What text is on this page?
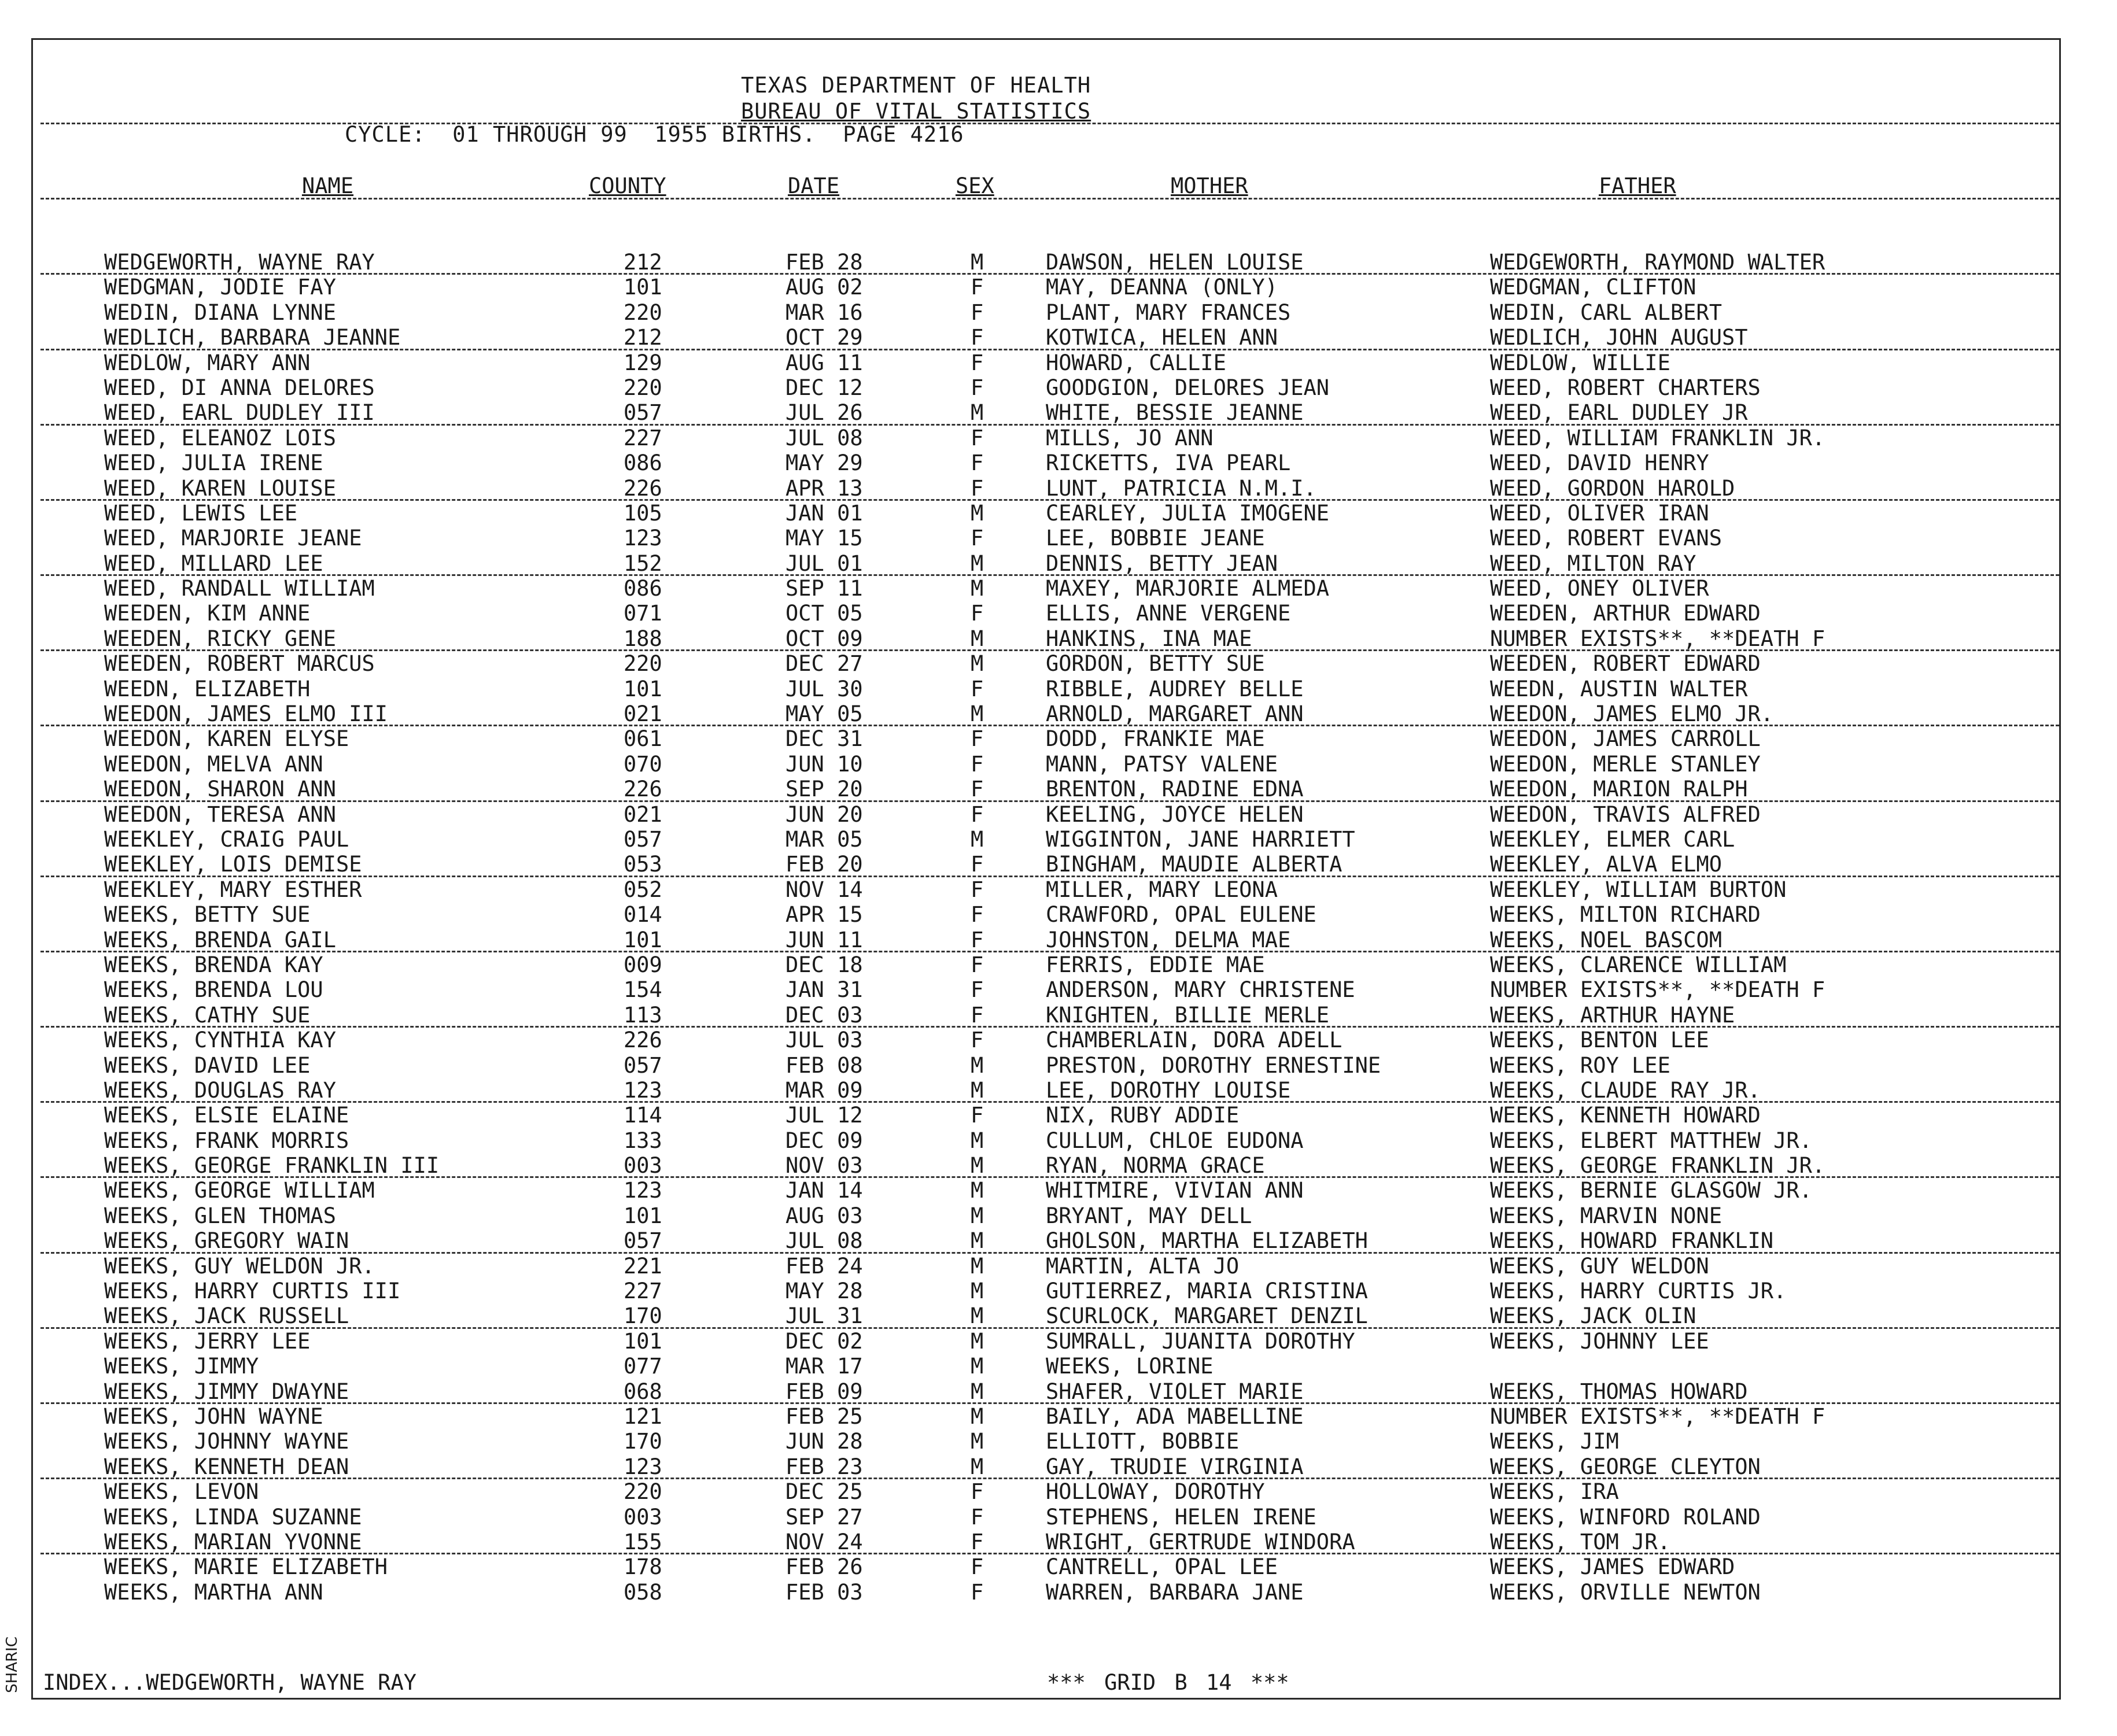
TEXAS DEPARTMENT OF HEALTH
BUREAU OF VITAL STATISTICS
CYCLE:  01 THROUGH 99  1955 BIRTHS.  PAGE 4216
NAME	COUNTY	DATE	SEX	MOTHER	FATHER
WEDGEWORTH, WAYNE RAY	212	FEB 28	M	DAWSON, HELEN LOUISE	WEDGEWORTH, RAYMOND WALTER
WEDGMAN, JODIE FAY	101	AUG 02	F	MAY, DEANNA (ONLY)	WEDGMAN, CLIFTON
WEDIN, DIANA LYNNE	220	MAR 16	F	PLANT, MARY FRANCES	WEDIN, CARL ALBERT
WEDLICH, BARBARA JEANNE	212	OCT 29	F	KOTWICA, HELEN ANN	WEDLICH, JOHN AUGUST
WEDLOW, MARY ANN	129	AUG 11	F	HOWARD, CALLIE	WEDLOW, WILLIE
WEED, DI ANNA DELORES	220	DEC 12	F	GOODGION, DELORES JEAN	WEED, ROBERT CHARTERS
WEED, EARL DUDLEY III	057	JUL 26	M	WHITE, BESSIE JEANNE	WEED, EARL DUDLEY JR
WEED, ELEANOZ LOIS	227	JUL 08	F	MILLS, JO ANN	WEED, WILLIAM FRANKLIN JR.
WEED, JULIA IRENE	086	MAY 29	F	RICKETTS, IVA PEARL	WEED, DAVID HENRY
WEED, KAREN LOUISE	226	APR 13	F	LUNT, PATRICIA N.M.I.	WEED, GORDON HAROLD
WEED, LEWIS LEE	105	JAN 01	M	CEARLEY, JULIA IMOGENE	WEED, OLIVER IRAN
WEED, MARJORIE JEANE	123	MAY 15	F	LEE, BOBBIE JEANE	WEED, ROBERT EVANS
WEED, MILLARD LEE	152	JUL 01	M	DENNIS, BETTY JEAN	WEED, MILTON RAY
WEED, RANDALL WILLIAM	086	SEP 11	M	MAXEY, MARJORIE ALMEDA	WEED, ONEY OLIVER
WEEDEN, KIM ANNE	071	OCT 05	F	ELLIS, ANNE VERGENE	WEEDEN, ARTHUR EDWARD
WEEDEN, RICKY GENE	188	OCT 09	M	HANKINS, INA MAE	NUMBER EXISTS**, **DEATH F
WEEDEN, ROBERT MARCUS	220	DEC 27	M	GORDON, BETTY SUE	WEEDEN, ROBERT EDWARD
WEEDN, ELIZABETH	101	JUL 30	F	RIBBLE, AUDREY BELLE	WEEDN, AUSTIN WALTER
WEEDON, JAMES ELMO III	021	MAY 05	M	ARNOLD, MARGARET ANN	WEEDON, JAMES ELMO JR.
WEEDON, KAREN ELYSE	061	DEC 31	F	DODD, FRANKIE MAE	WEEDON, JAMES CARROLL
WEEDON, MELVA ANN	070	JUN 10	F	MANN, PATSY VALENE	WEEDON, MERLE STANLEY
WEEDON, SHARON ANN	226	SEP 20	F	BRENTON, RADINE EDNA	WEEDON, MARION RALPH
WEEDON, TERESA ANN	021	JUN 20	F	KEELING, JOYCE HELEN	WEEDON, TRAVIS ALFRED
WEEKLEY, CRAIG PAUL	057	MAR 05	M	WIGGINTON, JANE HARRIETT	WEEKLEY, ELMER CARL
WEEKLEY, LOIS DEMISE	053	FEB 20	F	BINGHAM, MAUDIE ALBERTA	WEEKLEY, ALVA ELMO
WEEKLEY, MARY ESTHER	052	NOV 14	F	MILLER, MARY LEONA	WEEKLEY, WILLIAM BURTON
WEEKS, BETTY SUE	014	APR 15	F	CRAWFORD, OPAL EULENE	WEEKS, MILTON RICHARD
WEEKS, BRENDA GAIL	101	JUN 11	F	JOHNSTON, DELMA MAE	WEEKS, NOEL BASCOM
WEEKS, BRENDA KAY	009	DEC 18	F	FERRIS, EDDIE MAE	WEEKS, CLARENCE WILLIAM
WEEKS, BRENDA LOU	154	JAN 31	F	ANDERSON, MARY CHRISTENE	NUMBER EXISTS**, **DEATH F
WEEKS, CATHY SUE	113	DEC 03	F	KNIGHTEN, BILLIE MERLE	WEEKS, ARTHUR HAYNE
WEEKS, CYNTHIA KAY	226	JUL 03	F	CHAMBERLAIN, DORA ADELL	WEEKS, BENTON LEE
WEEKS, DAVID LEE	057	FEB 08	M	PRESTON, DOROTHY ERNESTINE	WEEKS, ROY LEE
WEEKS, DOUGLAS RAY	123	MAR 09	M	LEE, DOROTHY LOUISE	WEEKS, CLAUDE RAY JR.
WEEKS, ELSIE ELAINE	114	JUL 12	F	NIX, RUBY ADDIE	WEEKS, KENNETH HOWARD
WEEKS, FRANK MORRIS	133	DEC 09	M	CULLUM, CHLOE EUDONA	WEEKS, ELBERT MATTHEW JR.
WEEKS, GEORGE FRANKLIN III	003	NOV 03	M	RYAN, NORMA GRACE	WEEKS, GEORGE FRANKLIN JR.
WEEKS, GEORGE WILLIAM	123	JAN 14	M	WHITMIRE, VIVIAN ANN	WEEKS, BERNIE GLASGOW JR.
WEEKS, GLEN THOMAS	101	AUG 03	M	BRYANT, MAY DELL	WEEKS, MARVIN NONE
WEEKS, GREGORY WAIN	057	JUL 08	M	GHOLSON, MARTHA ELIZABETH	WEEKS, HOWARD FRANKLIN
WEEKS, GUY WELDON JR.	221	FEB 24	M	MARTIN, ALTA JO	WEEKS, GUY WELDON
WEEKS, HARRY CURTIS III	227	MAY 28	M	GUTIERREZ, MARIA CRISTINA	WEEKS, HARRY CURTIS JR.
WEEKS, JACK RUSSELL	170	JUL 31	M	SCURLOCK, MARGARET DENZIL	WEEKS, JACK OLIN
WEEKS, JERRY LEE	101	DEC 02	M	SUMRALL, JUANITA DOROTHY	WEEKS, JOHNNY LEE
WEEKS, JIMMY	077	MAR 17	M	WEEKS, LORINE
WEEKS, JIMMY DWAYNE	068	FEB 09	M	SHAFER, VIOLET MARIE	WEEKS, THOMAS HOWARD
WEEKS, JOHN WAYNE	121	FEB 25	M	BAILY, ADA MABELLINE	NUMBER EXISTS**, **DEATH F
WEEKS, JOHNNY WAYNE	170	JUN 28	M	ELLIOTT, BOBBIE	WEEKS, JIM
WEEKS, KENNETH DEAN	123	FEB 23	M	GAY, TRUDIE VIRGINIA	WEEKS, GEORGE CLEYTON
WEEKS, LEVON	220	DEC 25	F	HOLLOWAY, DOROTHY	WEEKS, IRA
WEEKS, LINDA SUZANNE	003	SEP 27	F	STEPHENS, HELEN IRENE	WEEKS, WINFORD ROLAND
WEEKS, MARIAN YVONNE	155	NOV 24	F	WRIGHT, GERTRUDE WINDORA	WEEKS, TOM JR.
WEEKS, MARIE ELIZABETH	178	FEB 26	F	CANTRELL, OPAL LEE	WEEKS, JAMES EDWARD
WEEKS, MARTHA ANN	058	FEB 03	F	WARREN, BARBARA JANE	WEEKS, ORVILLE NEWTON
INDEX...WEDGEWORTH, WAYNE RAY	*** GRID B 14 ***
SHARIC
